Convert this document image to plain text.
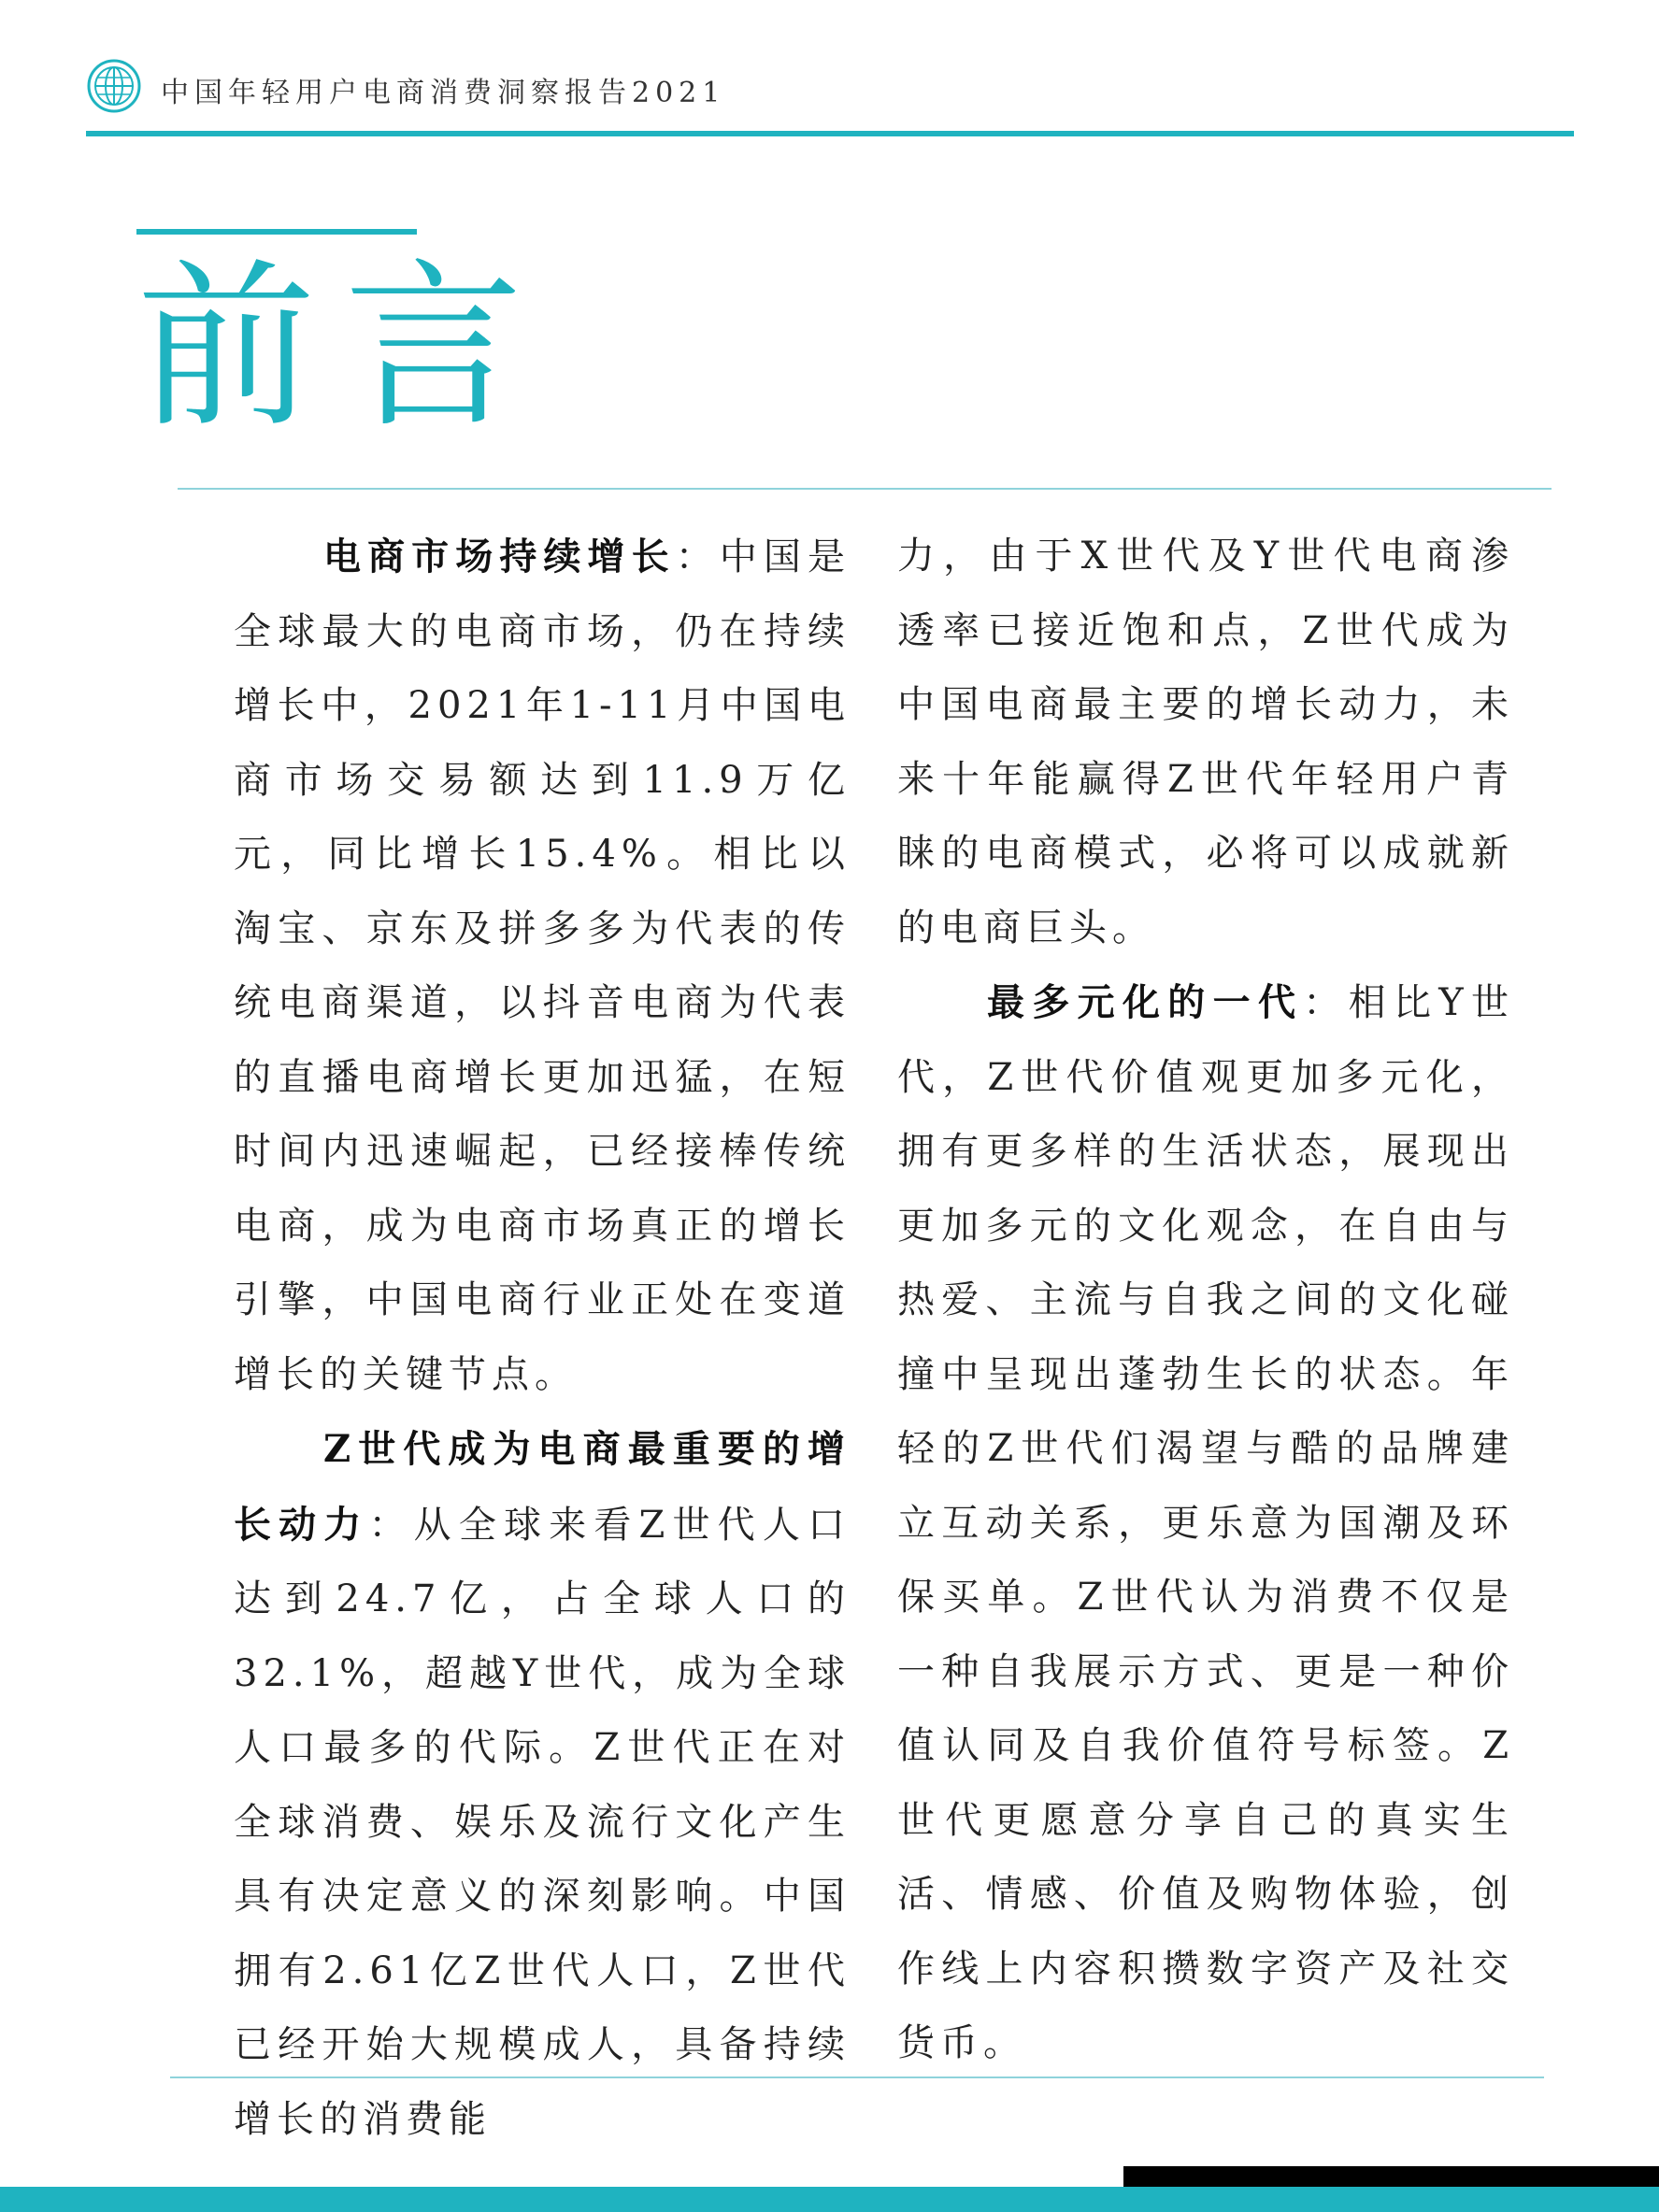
中国年轻用户电商消费洞察报告2021
前言

电商市场持续增长：中国是全球最大的电商市场，仍在持续增长中，2021年1-11月中国电商市场交易额达到11.9万亿元，同比增长15.4%。相比以淘宝、京东及拼多多为代表的传统电商渠道，以抖音电商为代表的直播电商增长更加迅猛，在短时间内迅速崛起，已经接棒传统电商，成为电商市场真正的增长引擎，中国电商行业正处在变道增长的关键节点。

Z世代成为电商最重要的增长动力：从全球来看Z世代人口达到24.7亿，占全球人口的32.1%，超越Y世代，成为全球人口最多的代际。Z世代正在对全球消费、娱乐及流行文化产生具有决定意义的深刻影响。中国拥有2.61亿Z世代人口，Z世代已经开始大规模成人，具备持续增长的消费能

力，由于X世代及Y世代电商渗透率已接近饱和点，Z世代成为中国电商最主要的增长动力，未来十年能赢得Z世代年轻用户青睐的电商模式，必将可以成就新的电商巨头。

最多元化的一代：相比Y世代，Z世代价值观更加多元化，拥有更多样的生活状态，展现出更加多元的文化观念，在自由与热爱、主流与自我之间的文化碰撞中呈现出蓬勃生长的状态。年轻的Z世代们渴望与酷的品牌建立互动关系，更乐意为国潮及环保买单。Z世代认为消费不仅是一种自我展示方式、更是一种价值认同及自我价值符号标签。Z世代更愿意分享自己的真实生活、情感、价值及购物体验，创作线上内容积攒数字资产及社交货币。
